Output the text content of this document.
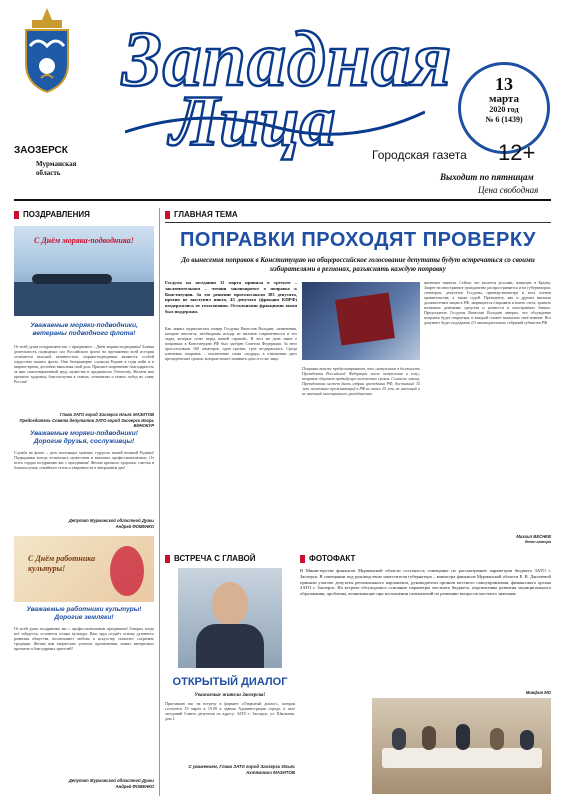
ЗАОЗЕРСК
Мурманская область
Западная
Лица	13
марта
2020 год
№ 6 (1439)
Городская газета 12+
Выходит по пятницам
Цена свободная
ПОЗДРАВЛЕНИЯ
С Днём моряка-подводника!
Уважаемые моряки-подводники, ветераны подводного флота!
От всей души поздравляем вас с праздником – Днём моряка-подводника! Боевая деятельность подводных сил Российского флота на протяжении всей истории отличается высокой активностью, моряки-подводники являются особой гордостью нашего флота. Они беспримерно служили Родине в годы войн и в мирное время, достойно выполняя свой долг. Примите искреннюю благодарность за ваш самоотверженный труд, мужество и преданность Отечеству. Желаем вам крепкого здоровья, благополучия в семьях, оптимизма и новых побед во славу России!
Глава ЗАТО город Заозерск Ильяс МАЗИТОВ
Председатель Совета депутатов ЗАТО город Заозерск Игорь ВИНОКУР
Уважаемые моряки-подводники! Дорогие друзья, сослуживцы!
Служба на флоте – дело настоящих мужчин, гордость нашей великой Родины! Подводники всегда отличались мужеством и высоким профессионализмом. От всего сердца поздравляю вас с праздником! Желаю крепкого здоровья, счастья и благополучия, семейного тепла и уверенности в завтрашнем дне!
Депутат Мурманской областной Думы
Андрей ФОМЕНКО
С Днём работника культуры!
Уважаемые работники культуры! Дорогие земляки!
От всей души поздравляю вас с профессиональным праздником! Говорят, когда всё забудется, останется только культура. Ваш труд создаёт основу духовного развития общества, воспитывает любовь к искусству, помогает сохранять традиции. Желаю вам творческих успехов, вдохновения, новых интересных проектов и благодарных зрителей!
Депутат Мурманской областной Думы
Андрей ФОМЕНКО
ГЛАВНАЯ ТЕМА
ПОПРАВКИ ПРОХОДЯТ ПРОВЕРКУ
До вынесения поправок в Конституцию на общероссийское голосование депутаты будут встречаться со своими избирателями в регионах, разъяснять каждую поправку
Госдума на заседании 11 марта приняла в третьем – заключительном – чтении законопроект о поправке к Конституции. За это решение проголосовали 383 депутата, против не выступил никто, 43 депутата (фракция КПРФ) воздержались от голосования. Остальными фракциями закон был поддержан.
Как заявил журналистам спикер Госдумы Вячеслав Володин, «изменения, которые вносятся, необходимы исходя из вызовов современности и тех задач, которые стоят перед нашей страной». В этот же день закон о поправках в Конституцию РФ был одобрен Советом Федерации. За него проголосовали 160 сенаторов, один против, трое воздержались. Среди ключевых поправок – исключение слова «подряд» в отношении двух президентских сроков, которые может занимать одно и то же лицо.
Поправки также предусматривают, что «вступление в должность Президента Российской Федерации после вступления в силу» поправок обнуляет предыдущее количество сроков. Согласно закону, Президентом может быть избран гражданин РФ, достигший 35 лет, постоянно проживающий в РФ не менее 25 лет, не имеющий и не имевший иностранного гражданства.
ционным законом. Сейчас это касается россиян, живущих в Крыму. Запрет на иностранное гражданство распространяется и на губернаторов, сенаторов, депутатов Госдумы, премьер-министра и всех членов правительства, а также судей. Президенту, как и другим высшим должностным лицам в РФ, запрещается открывать и иметь счета, хранить наличные денежные средства и ценности в иностранных банках. Председатель Госдумы Вячеслав Володин заверил, что обсуждение поправок будет открытым, и каждый сможет высказать своё мнение. Все документ будет поддержан 2/3 законодательных собраний субъектов РФ.
Михаил ВЕСНЕВ
Фото автора
ВСТРЕЧА С ГЛАВОЙ
ОТКРЫТЫЙ ДИАЛОГ
Уважаемые жители Заозерска!
Приглашаю вас на встречу в формате «Открытый диалог», которая состоится 19 марта в 19.00 в здании Администрации города, в зале заседаний Совета депутатов по адресу: ЗАТО г. Заозерск, ул. Школьная, дом 1.
С уважением, Глава ЗАТО город Заозерск Ильяс Ахтямович МАЗИТОВ
ФОТОФАКТ
В Министерстве финансов Мурманской области состоялось совещание по рассмотрению параметров бюджета ЗАТО г. Заозерск. В совещании под руководством заместителя губернатора – министра финансов Мурманской области Е. В. Дягилевой приняли участие депутаты регионального парламента, руководители органов местного самоуправления, финансового органа ЗАТО г. Заозерск. На встрече обсуждались основные параметры местного бюджета, перспективы развития муниципального образования, проблемы, возникающие при исполнении полномочий по решению вопросов местного значения.
Минфин МО
